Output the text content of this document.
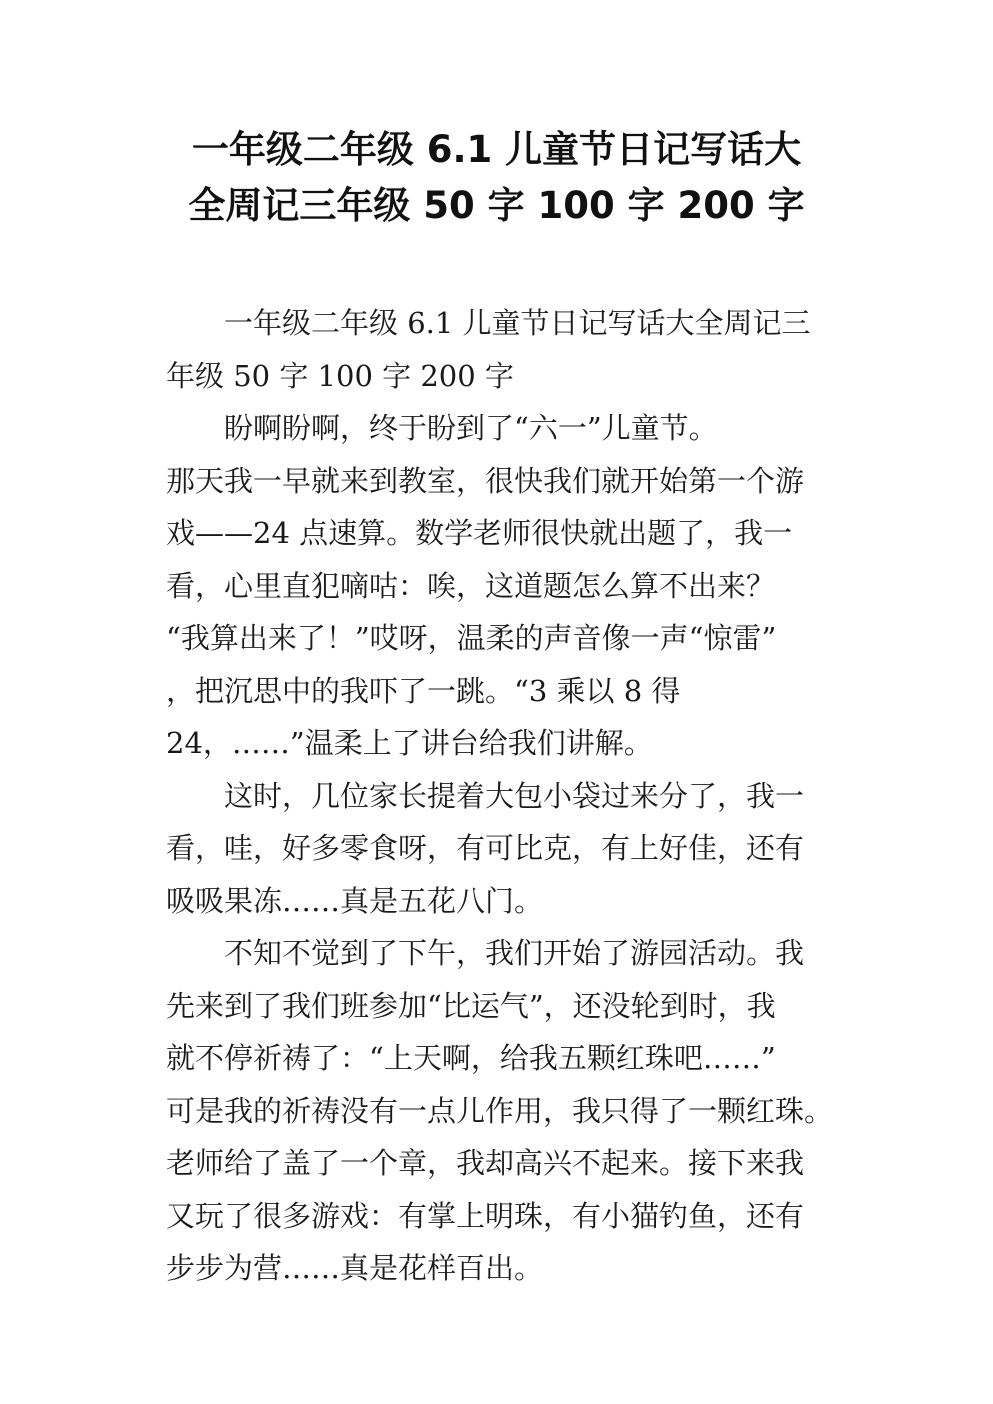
一年级二年级 6.1 儿童节日记写话大
全周记三年级 50 字 100 字 200 字
一年级二年级 6.1 儿童节日记写话大全周记三
年级 50 字 100 字 200 字
盼啊盼啊，终于盼到了“六一”儿童节。
那天我一早就来到教室，很快我们就开始第一个游
戏——24 点速算。数学老师很快就出题了，我一
看，心里直犯嘀咕：唉，这道题怎么算不出来？
“我算出来了！”哎呀，温柔的声音像一声“惊雷”
，把沉思中的我吓了一跳。“3 乘以 8 得
24，……”温柔上了讲台给我们讲解。
这时，几位家长提着大包小袋过来分了，我一
看，哇，好多零食呀，有可比克，有上好佳，还有
吸吸果冻……真是五花八门。
不知不觉到了下午，我们开始了游园活动。我
先来到了我们班参加“比运气”，还没轮到时，我
就不停祈祷了：“上天啊，给我五颗红珠吧……”
可是我的祈祷没有一点儿作用，我只得了一颗红珠。
老师给了盖了一个章，我却高兴不起来。接下来我
又玩了很多游戏：有掌上明珠，有小猫钓鱼，还有
步步为营……真是花样百出。
